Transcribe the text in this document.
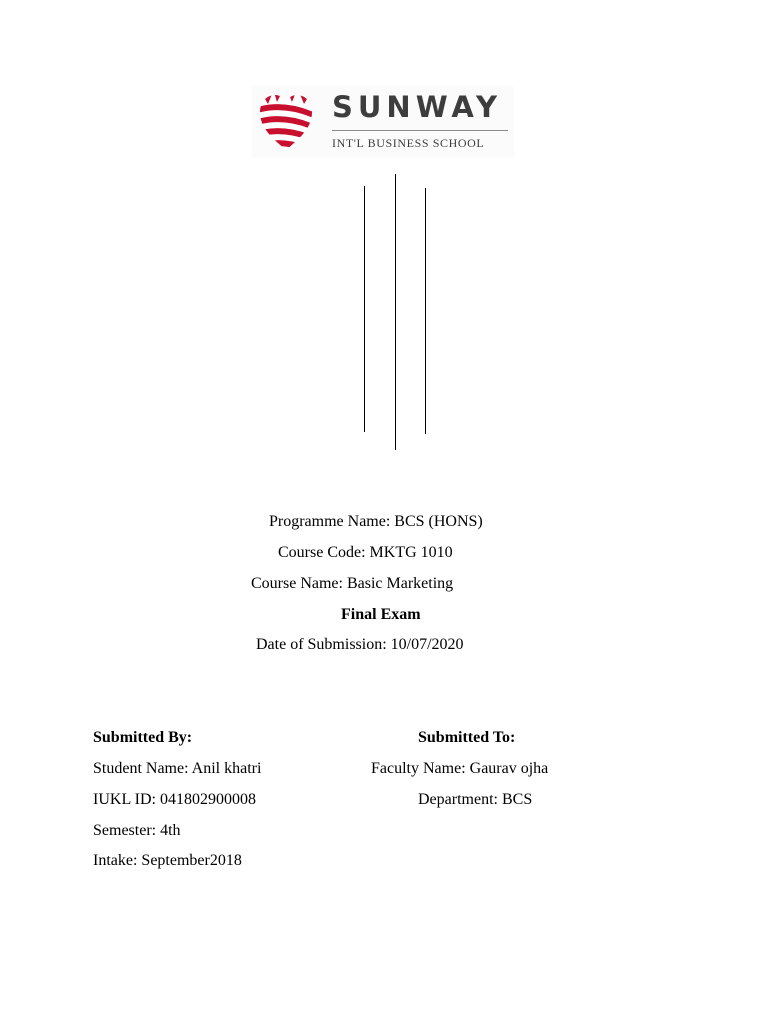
SUNWAY
INT'L BUSINESS SCHOOL
Programme Name: BCS (HONS)
Course Code: MKTG 1010
Course Name: Basic Marketing
Final Exam
Date of Submission: 10/07/2020
Submitted By:
Student Name: Anil khatri
IUKL ID: 041802900008
Semester: 4th
Intake: September2018
Submitted To:
Faculty Name: Gaurav ojha
Department: BCS
